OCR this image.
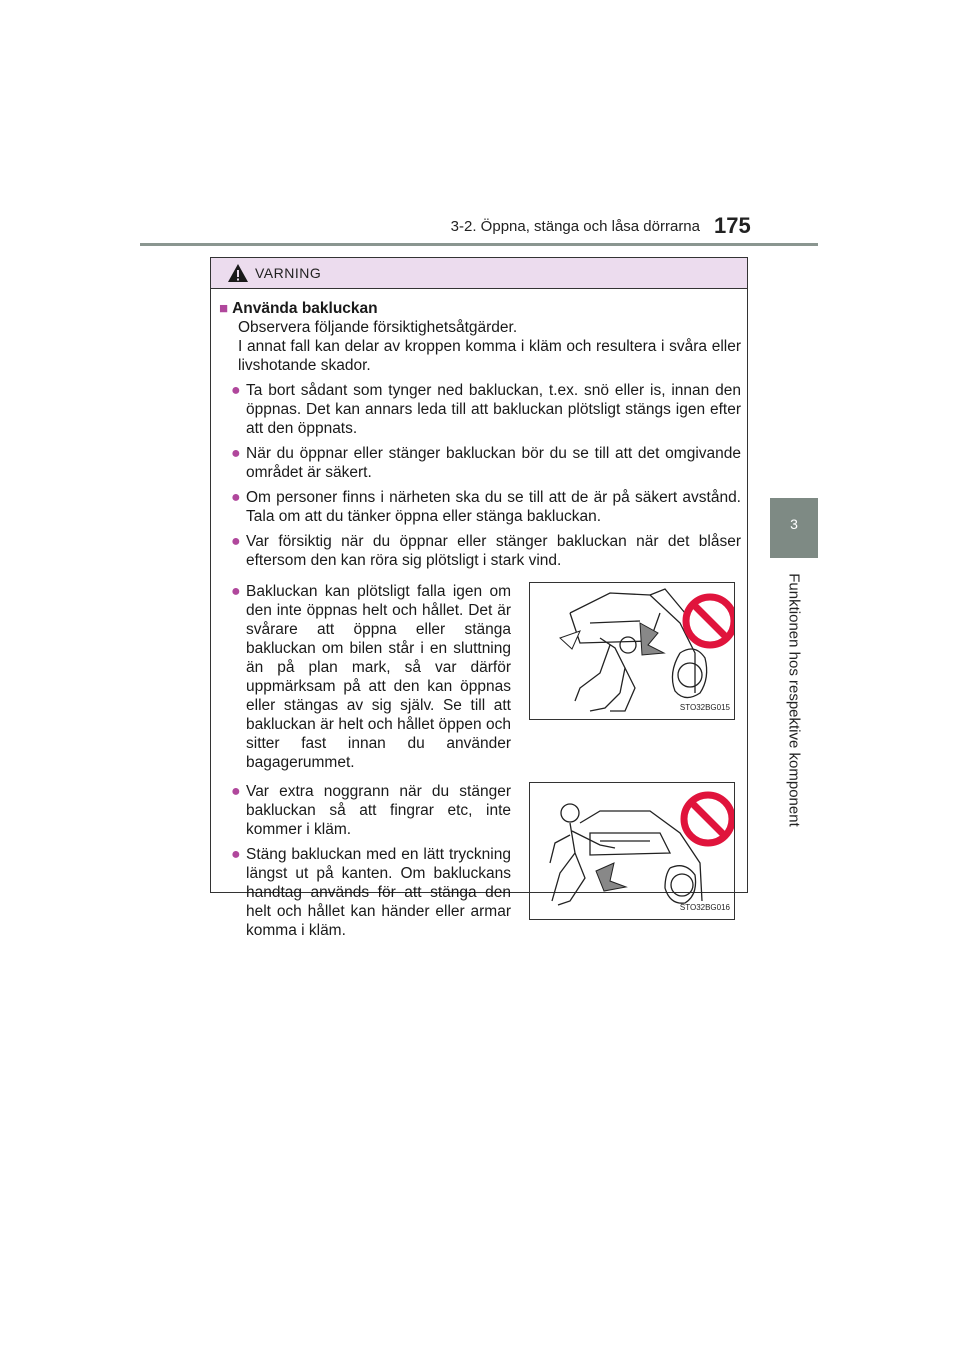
3-2. Öppna, stänga och låsa dörrarna 175
3
Funktionen hos respektive komponent
VARNING
■ Använda bakluckan
Observera följande försiktighetsåtgärder.
I annat fall kan delar av kroppen komma i kläm och resultera i svåra eller livshotande skador.
● Ta bort sådant som tynger ned bakluckan, t.ex. snö eller is, innan den öppnas. Det kan annars leda till att bakluckan plötsligt stängs igen efter att den öppnats.
● När du öppnar eller stänger bakluckan bör du se till att det omgivande området är säkert.
● Om personer finns i närheten ska du se till att de är på säkert avstånd. Tala om att du tänker öppna eller stänga bakluckan.
● Var försiktig när du öppnar eller stänger bakluckan när det blåser eftersom den kan röra sig plötsligt i stark vind.
● Bakluckan kan plötsligt falla igen om den inte öppnas helt och hållet. Det är svårare att öppna eller stänga bakluckan om bilen står i en sluttning än på plan mark, så var därför uppmärksam på att den kan öppnas eller stängas av sig själv. Se till att bakluckan är helt och hållet öppen och sitter fast innan du använder bagagerummet.
STO32BG015
● Var extra noggrann när du stänger bakluckan så att fingrar etc, inte kommer i kläm.
● Stäng bakluckan med en lätt tryckning längst ut på kanten. Om bakluckans handtag används för att stänga den helt och hållet kan händer eller armar komma i kläm.
STO32BG016
